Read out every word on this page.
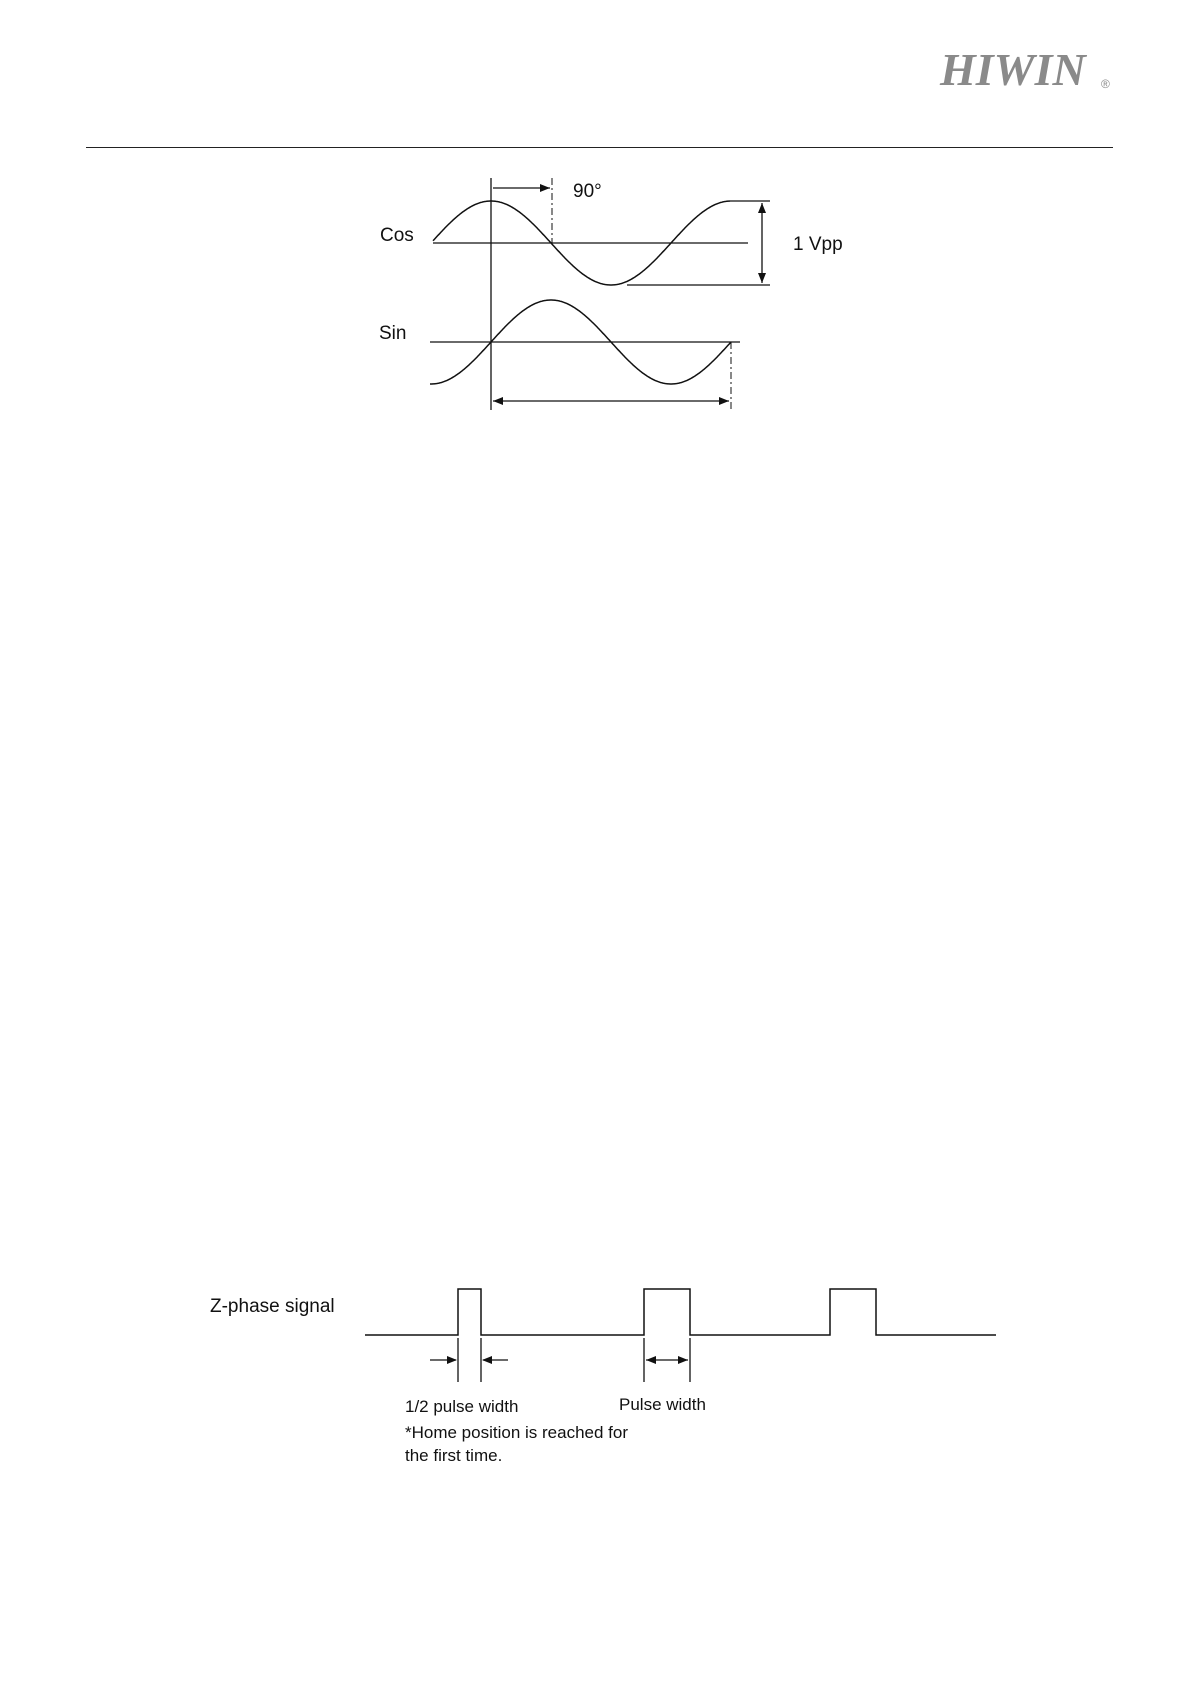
HIWIN ®
90°
1 Vpp
Cos
Sin
Z-phase signal
1/2 pulse width	Pulse width
*Home position is reached for
the first time.
